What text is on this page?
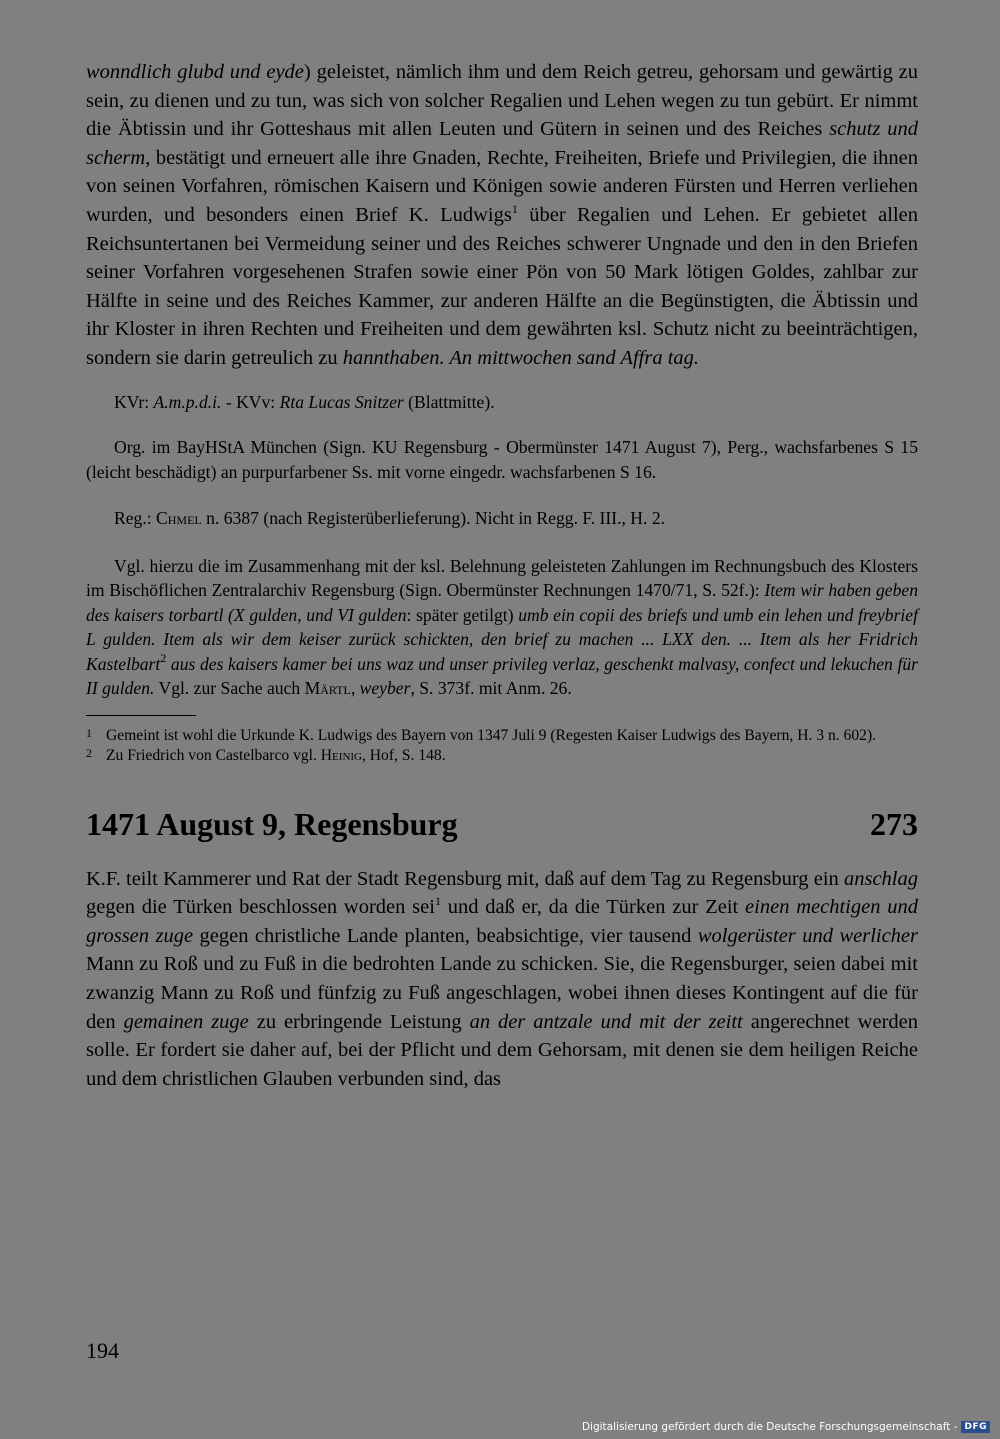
wonndlich glubd und eyde) geleistet, nämlich ihm und dem Reich getreu, gehorsam und gewärtig zu sein, zu dienen und zu tun, was sich von solcher Regalien und Lehen wegen zu tun gebürt. Er nimmt die Äbtissin und ihr Gotteshaus mit allen Leuten und Gütern in seinen und des Reiches schutz und scherm, bestätigt und erneuert alle ihre Gnaden, Rechte, Freiheiten, Briefe und Privilegien, die ihnen von seinen Vorfahren, römischen Kaisern und Königen sowie anderen Fürsten und Herren verliehen wurden, und besonders einen Brief K. Ludwigs$^1$ über Regalien und Lehen. Er gebietet allen Reichsuntertanen bei Vermeidung seiner und des Reiches schwerer Ungnade und den in den Briefen seiner Vorfahren vorgesehenen Strafen sowie einer Pön von 50 Mark lötigen Goldes, zahlbar zur Hälfte in seine und des Reiches Kammer, zur anderen Hälfte an die Begünstigten, die Äbtissin und ihr Kloster in ihren Rechten und Freiheiten und dem gewährten ksl. Schutz nicht zu beeinträchtigen, sondern sie darin getreulich zu hannthaben. An mittwochen sand Affra tag.

KVr: A.m.p.d.i. - KVv: Rta Lucas Snitzer (Blattmitte).

Org. im BayHStA München (Sign. KU Regensburg - Obermünster 1471 August 7), Perg., wachsfarbenes S 15 (leicht beschädigt) an purpurfarbener Ss. mit vorne eingedr. wachsfarbenen S 16.

Reg.: Chmel n. 6387 (nach Registerüberlieferung). Nicht in Regg. F. III., H. 2.

Vgl. hierzu die im Zusammenhang mit der ksl. Belehnung geleisteten Zahlungen im Rechnungsbuch des Klosters im Bischöflichen Zentralarchiv Regensburg (Sign. Obermünster Rechnungen 1470/71, S. 52f.): Item wir haben geben des kaisers torbartl (X gulden, und VI gulden: später getilgt) umb ein copii des briefs und umb ein lehen und freybrief L gulden. Item als wir dem keiser zurück schickten, den brief zu machen ... LXX den. ... Item als her Fridrich Kastelbart$^2$ aus des kaisers kamer bei uns waz und unser privileg verlaz, geschenkt malvasy, confect und lekuchen für II gulden. Vgl. zur Sache auch Märtl, weyber, S. 373f. mit Anm. 26.

1 Gemeint ist wohl die Urkunde K. Ludwigs des Bayern von 1347 Juli 9 (Regesten Kaiser Ludwigs des Bayern, H. 3 n. 602).
2 Zu Friedrich von Castelbarco vgl. Heinig, Hof, S. 148.
1471 August 9, Regensburg	273

K.F. teilt Kammerer und Rat der Stadt Regensburg mit, daß auf dem Tag zu Regensburg ein anschlag gegen die Türken beschlossen worden sei$^1$ und daß er, da die Türken zur Zeit einen mechtigen und grossen zuge gegen christliche Lande planten, beabsichtige, vier tausend wolgerüster und werlicher Mann zu Roß und zu Fuß in die bedrohten Lande zu schicken. Sie, die Regensburger, seien dabei mit zwanzig Mann zu Roß und fünfzig zu Fuß angeschlagen, wobei ihnen dieses Kontingent auf die für den gemainen zuge zu erbringende Leistung an der antzale und mit der zeitt angerechnet werden solle. Er fordert sie daher auf, bei der Pflicht und dem Gehorsam, mit denen sie dem heiligen Reiche und dem christlichen Glauben verbunden sind, das

194
Digitalisierung gefördert durch die Deutsche Forschungsgemeinschaft - DFG
